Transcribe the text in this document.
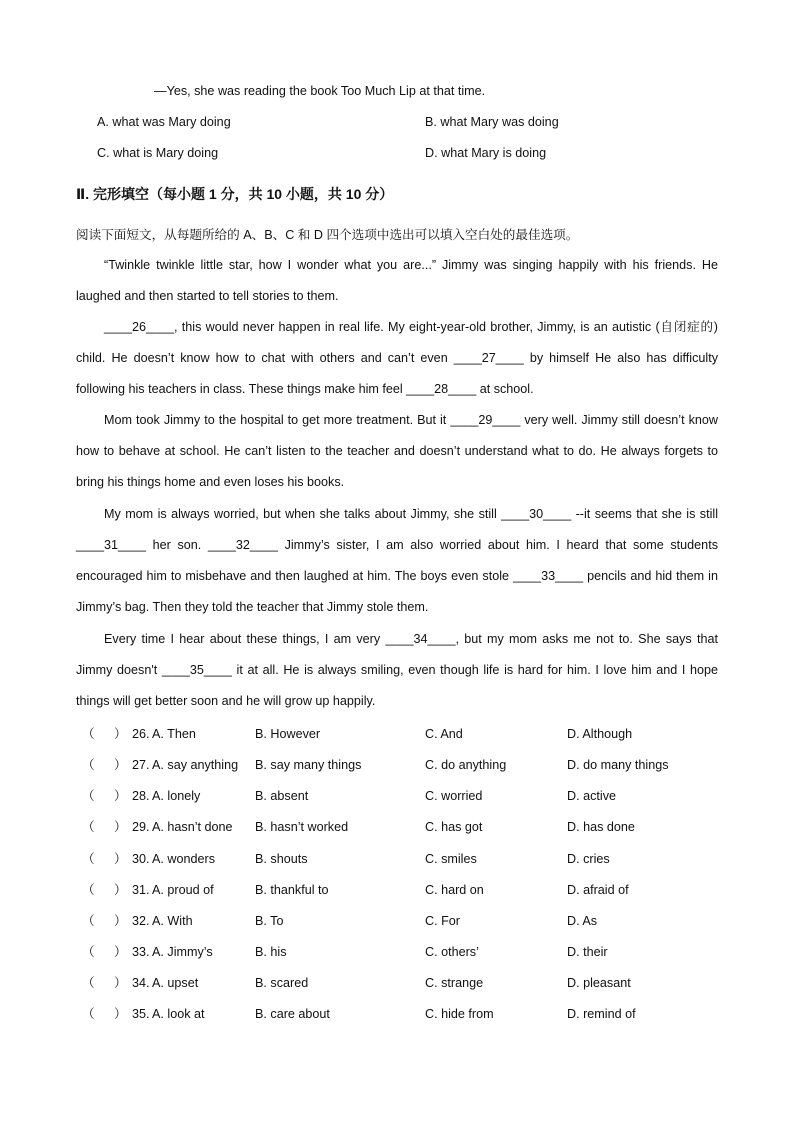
—Yes, she was reading the book Too Much Lip at that time.
A. what was Mary doing	B. what Mary was doing
C. what is Mary doing	D. what Mary is doing
Ⅱ. 完形填空（每小题 1 分，共 10 小题，共 10 分）
阅读下面短文，从每题所给的 A、B、C 和 D 四个选项中选出可以填入空白处的最佳选项。
“Twinkle twinkle little star, how I wonder what you are...” Jimmy was singing happily with his friends. He laughed and then started to tell stories to them.
____26____, this would never happen in real life. My eight-year-old brother, Jimmy, is an autistic (自闭症的) child. He doesn’t know how to chat with others and can’t even ____27____ by himself He also has difficulty following his teachers in class. These things make him feel ____28____ at school.
Mom took Jimmy to the hospital to get more treatment. But it ____29____ very well. Jimmy still doesn’t know how to behave at school. He can’t listen to the teacher and doesn’t understand what to do. He always forgets to bring his things home and even loses his books.
My mom is always worried, but when she talks about Jimmy, she still ____30____ --it seems that she is still ____31____ her son. ____32____ Jimmy’s sister, I am also worried about him. I heard that some students encouraged him to misbehave and then laughed at him. The boys even stole ____33____ pencils and hid them in Jimmy’s bag. Then they told the teacher that Jimmy stole them.
Every time I hear about these things, I am very ____34____, but my mom asks me not to. She says that Jimmy doesn't ____35____ it at all. He is always smiling, even though life is hard for him. I love him and I hope things will get better soon and he will grow up happily.
（ ） 26. A. Then	B. However	C. And	D. Although
（ ） 27. A. say anything B. say many things	C. do anything	D. do many things
（ ） 28. A. lonely	B. absent	C. worried	D. active
（ ） 29. A. hasn’t done B. hasn’t worked	C. has got	D. has done
（ ） 30. A. wonders	B. shouts	C. smiles	D. cries
（ ） 31. A. proud of	B. thankful to	C. hard on	D. afraid of
（ ） 32. A. With	B. To	C. For	D. As
（ ） 33. A. Jimmy’s	B. his	C. others’	D. their
（ ） 34. A. upset	B. scared	C. strange	D. pleasant
（ ） 35. A. look at	B. care about	C. hide from	D. remind of
